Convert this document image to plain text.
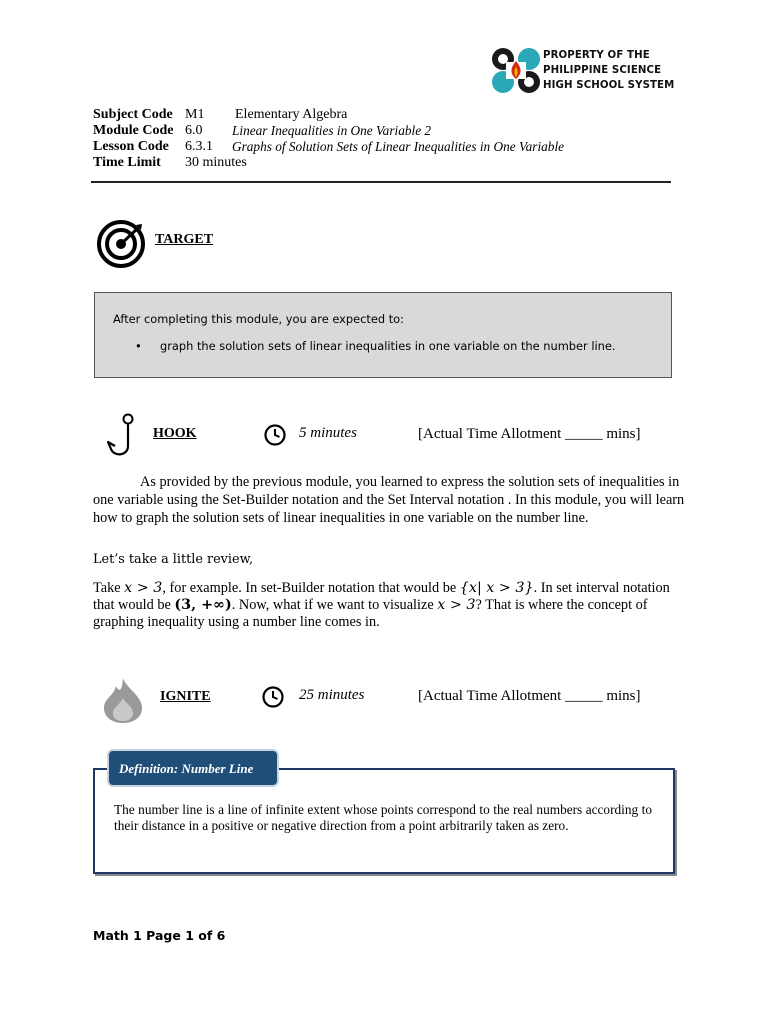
PROPERTY OF THE
PHILIPPINE SCIENCE
HIGH SCHOOL SYSTEM
Subject Code M1 Elementary Algebra
Module Code 6.0 Linear Inequalities in One Variable 2
Lesson Code 6.3.1 Graphs of Solution Sets of Linear Inequalities in One Variable
Time Limit 30 minutes
TARGET
After completing this module, you are expected to:
• graph the solution sets of linear inequalities in one variable on the number line.
HOOK	5 minutes	[Actual Time Allotment _____ mins]
As provided by the previous module, you learned to express the solution sets of inequalities in
one variable using the Set-Builder notation and the Set Interval notation . In this module, you will learn
how to graph the solution sets of linear inequalities in one variable on the number line.
Let’s take a little review,
Take x > 3, for example. In set-Builder notation that would be {x| x > 3}. In set interval notation
that would be (3, +∞). Now, what if we want to visualize x > 3? That is where the concept of
graphing inequality using a number line comes in.
IGNITE	25 minutes	[Actual Time Allotment _____ mins]
Definition: Number Line
The number line is a line of infinite extent whose points correspond to the real numbers according to their distance in a positive or negative direction from a point arbitrarily taken as zero.
Math 1 Page 1 of 6
